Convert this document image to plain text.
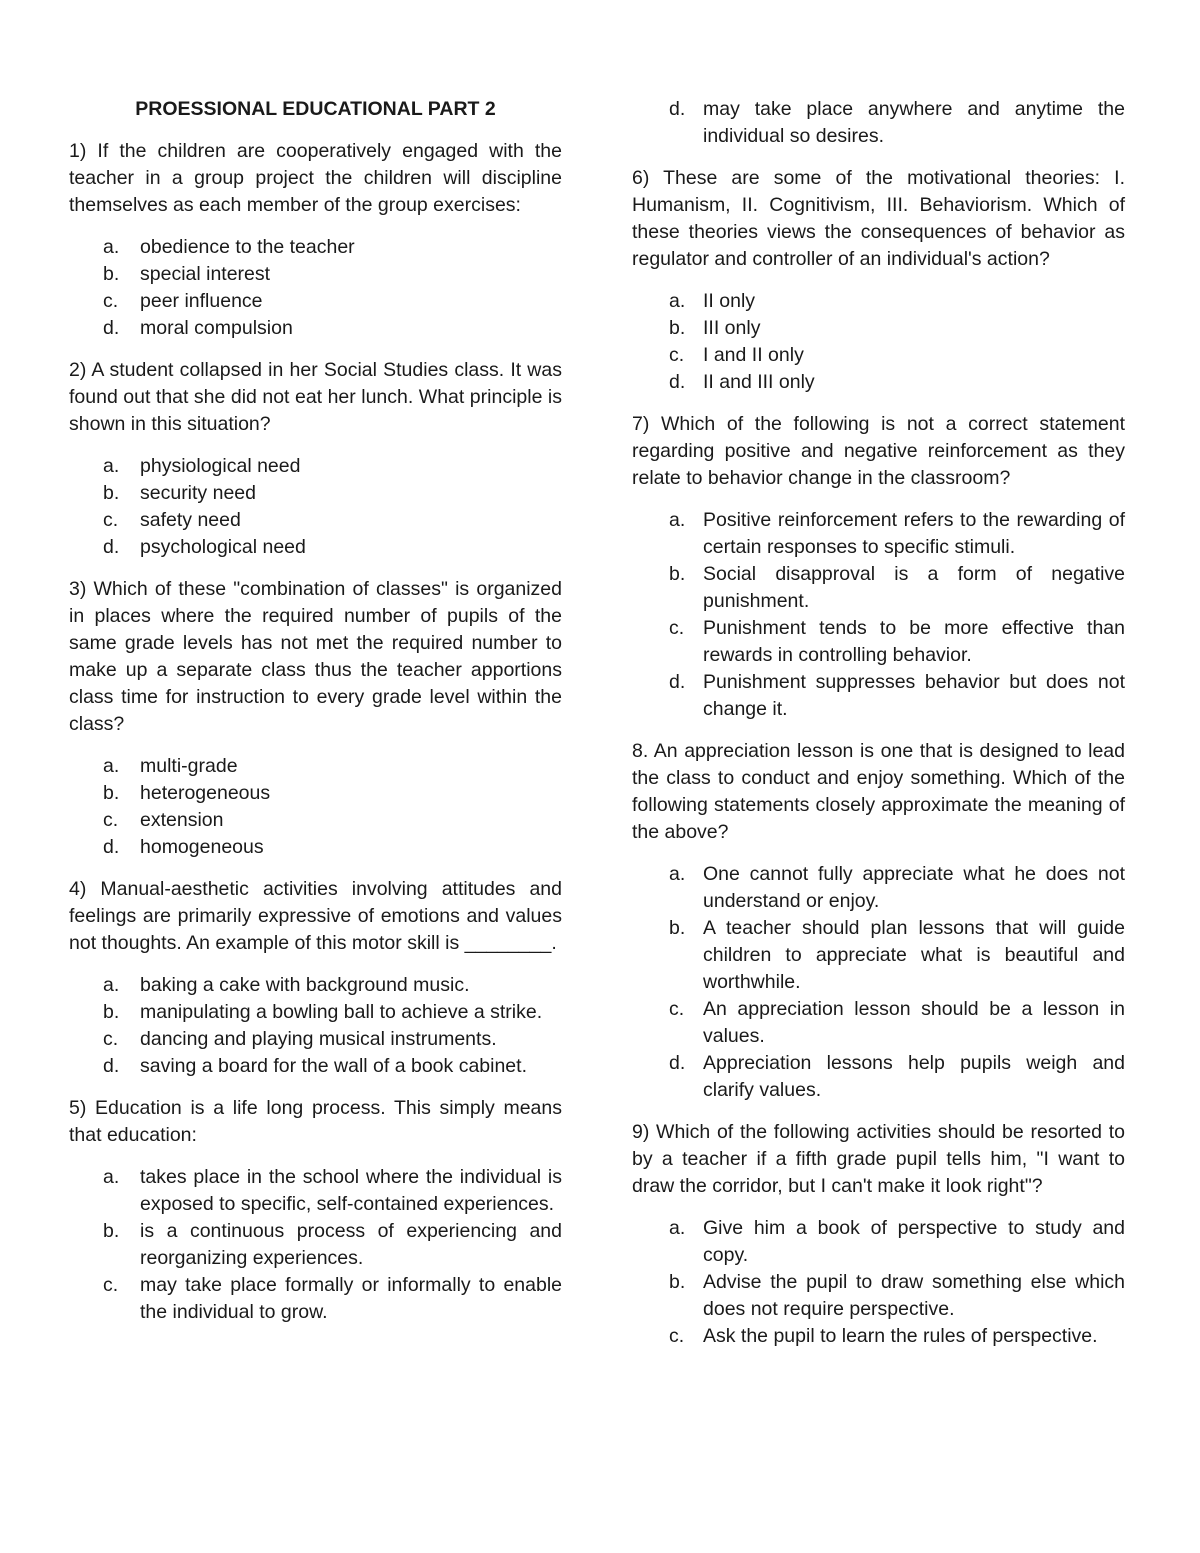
PROESSIONAL EDUCATIONAL PART 2

1) If the children are cooperatively engaged with the teacher in a group project the children will discipline themselves as each member of the group exercises:

a. obedience to the teacher
b. special interest
c. peer influence
d. moral compulsion

2) A student collapsed in her Social Studies class. It was found out that she did not eat her lunch. What principle is shown in this situation?

a. physiological need
b. security need
c. safety need
d. psychological need

3) Which of these "combination of classes" is organized in places where the required number of pupils of the same grade levels has not met the required number to make up a separate class thus the teacher apportions class time for instruction to every grade level within the class?

a. multi-grade
b. heterogeneous
c. extension
d. homogeneous

4) Manual-aesthetic activities involving attitudes and feelings are primarily expressive of emotions and values not thoughts. An example of this motor skill is ________.

a. baking a cake with background music.
b. manipulating a bowling ball to achieve a strike.
c. dancing and playing musical instruments.
d. saving a board for the wall of a book cabinet.

5) Education is a life long process. This simply means that education:

a. takes place in the school where the individual is exposed to specific, self-contained experiences.
b. is a continuous process of experiencing and reorganizing experiences.
c. may take place formally or informally to enable the individual to grow.
d. may take place anywhere and anytime the individual so desires.

6) These are some of the motivational theories: I. Humanism, II. Cognitivism, III. Behaviorism. Which of these theories views the consequences of behavior as regulator and controller of an individual's action?

a. II only
b. III only
c. I and II only
d. II and III only

7) Which of the following is not a correct statement regarding positive and negative reinforcement as they relate to behavior change in the classroom?

a. Positive reinforcement refers to the rewarding of certain responses to specific stimuli.
b. Social disapproval is a form of negative punishment.
c. Punishment tends to be more effective than rewards in controlling behavior.
d. Punishment suppresses behavior but does not change it.

8. An appreciation lesson is one that is designed to lead the class to conduct and enjoy something. Which of the following statements closely approximate the meaning of the above?

a. One cannot fully appreciate what he does not understand or enjoy.
b. A teacher should plan lessons that will guide children to appreciate what is beautiful and worthwhile.
c. An appreciation lesson should be a lesson in values.
d. Appreciation lessons help pupils weigh and clarify values.

9) Which of the following activities should be resorted to by a teacher if a fifth grade pupil tells him, "I want to draw the corridor, but I can't make it look right"?

a. Give him a book of perspective to study and copy.
b. Advise the pupil to draw something else which does not require perspective.
c. Ask the pupil to learn the rules of perspective.
